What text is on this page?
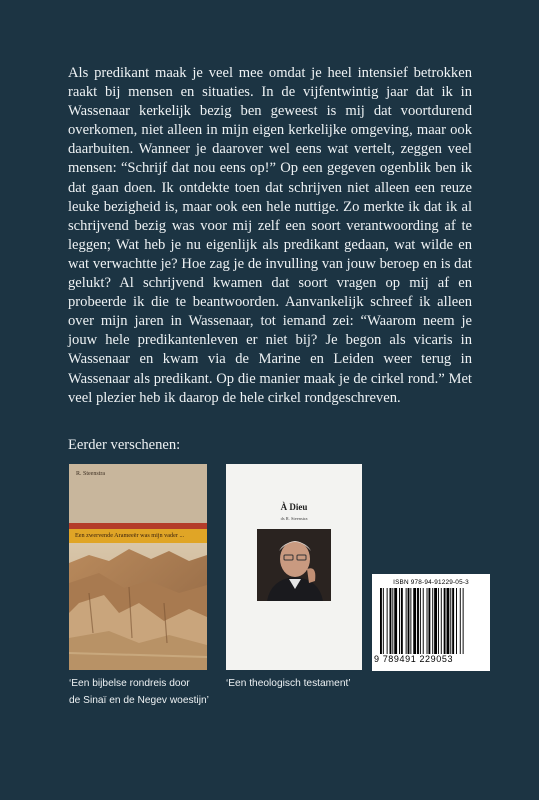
Als predikant maak je veel mee omdat je heel intensief betrokken raakt bij mensen en situaties. In de vijfentwintig jaar dat ik in Wassenaar kerkelijk bezig ben geweest is mij dat voortdurend overkomen, niet alleen in mijn eigen kerkelijke omgeving, maar ook daarbuiten. Wanneer je daarover wel eens wat vertelt, zeggen veel mensen: “Schrijf dat nou eens op!” Op een gegeven ogenblik ben ik dat gaan doen. Ik ontdekte toen dat schrijven niet alleen een reuze leuke bezigheid is, maar ook een hele nuttige. Zo merkte ik dat ik al schrijvend bezig was voor mij zelf een soort verantwoording af te leggen; Wat heb je nu eigenlijk als predikant gedaan, wat wilde en wat verwachtte je? Hoe zag je de invulling van jouw beroep en is dat gelukt? Al schrijvend kwamen dat soort vragen op mij af en probeerde ik die te beantwoorden. Aanvankelijk schreef ik alleen over mijn jaren in Wassenaar, tot iemand zei: “Waarom neem je jouw hele predikantenleven er niet bij? Je begon als vicaris in Wassenaar en kwam via de Marine en Leiden weer terug in Wassenaar als predikant. Op die manier maak je de cirkel rond.” Met veel plezier heb ik daarop de hele cirkel rondgeschreven.

Eerder verschenen:

R. Steenstra
Een zwervende Arameeër was mijn vader ...
À Dieu
ds R. Steenstra

‘Een bijbelse rondreis door
de Sinaï en de Negev woestijn’

‘Een theologisch testament’

ISBN 978-94-91229-05-3
9 789491 229053
